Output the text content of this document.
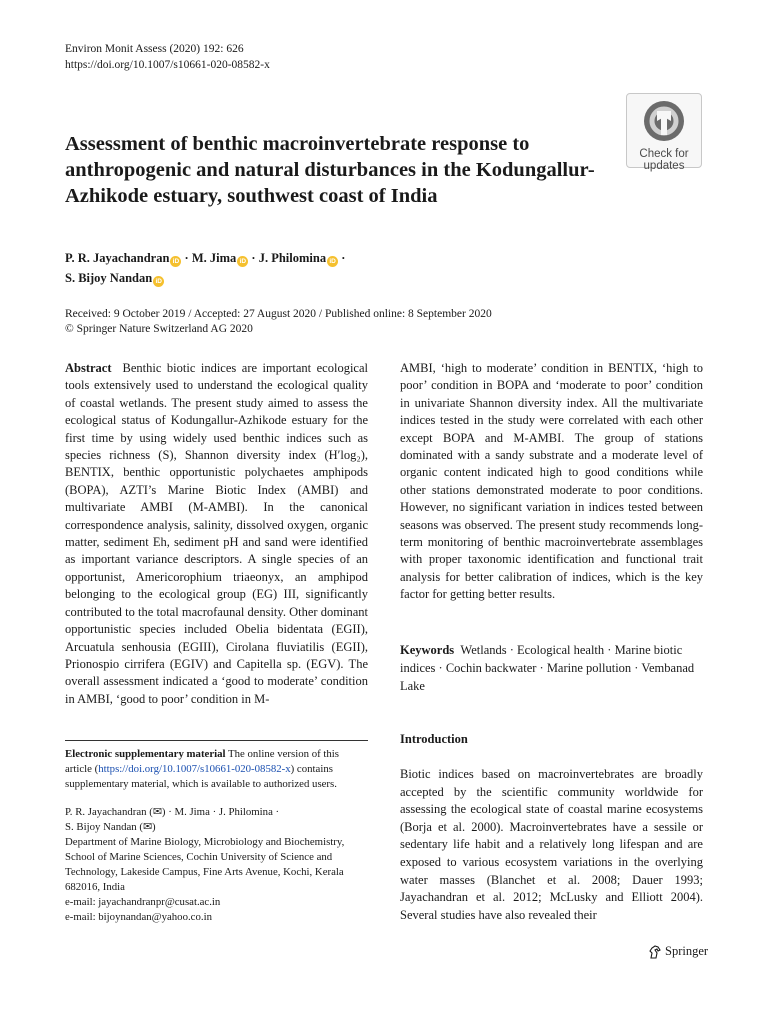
Environ Monit Assess (2020) 192: 626
https://doi.org/10.1007/s10661-020-08582-x
Check for
updates
Assessment of benthic macroinvertebrate response to anthropogenic and natural disturbances in the Kodungallur-Azhikode estuary, southwest coast of India
P. R. Jayachandran iD · M. Jima iD · J. Philomina iD ·
S. Bijoy Nandan iD
Received: 9 October 2019 / Accepted: 27 August 2020 / Published online: 8 September 2020
© Springer Nature Switzerland AG 2020

Abstract Benthic biotic indices are important ecological tools extensively used to understand the ecological quality of coastal wetlands. The present study aimed to assess the ecological status of Kodungallur-Azhikode estuary for the first time by using widely used benthic indices such as species richness (S), Shannon diversity index (H′log₂), BENTIX, benthic opportunistic polychaetes amphipods (BOPA), AZTI’s Marine Biotic Index (AMBI) and multivariate AMBI (M-AMBI). In the canonical correspondence analysis, salinity, dissolved oxygen, organic matter, sediment Eh, sediment pH and sand were identified as important variance descriptors. A single species of an opportunist, Americorophium triaeonyx, an amphipod belonging to the ecological group (EG) III, significantly contributed to the total macrofaunal density. Other dominant opportunistic species included Obelia bidentata (EGII), Arcuatula senhousia (EGIII), Cirolana fluviatilis (EGII), Prionospio cirrifera (EGIV) and Capitella sp. (EGV). The overall assessment indicated a ‘good to moderate’ condition in AMBI, ‘good to poor’ condition in M-

AMBI, ‘high to moderate’ condition in BENTIX, ‘high to poor’ condition in BOPA and ‘moderate to poor’ condition in univariate Shannon diversity index. All the multivariate indices tested in the study were correlated with each other except BOPA and M-AMBI. The group of stations dominated with a sandy substrate and a moderate level of organic content indicated high to good conditions while other stations demonstrated moderate to poor conditions. However, no significant variation in indices tested between seasons was observed. The present study recommends long-term monitoring of benthic macroinvertebrate assemblages with proper taxonomic identification and functional trait analysis for better calibration of indices, which is the key factor for getting better results.

Keywords Wetlands · Ecological health · Marine biotic indices · Cochin backwater · Marine pollution · Vembanad Lake
Introduction
Biotic indices based on macroinvertebrates are broadly accepted by the scientific community worldwide for assessing the ecological state of coastal marine ecosystems (Borja et al. 2000). Macroinvertebrates have a sessile or sedentary life habit and a relatively long lifespan and are exposed to various ecosystem variations in the overlying water masses (Blanchet et al. 2008; Dauer 1993; Jayachandran et al. 2012; McLusky and Elliott 2004). Several studies have also revealed their
Electronic supplementary material The online version of this article (https://doi.org/10.1007/s10661-020-08582-x) contains supplementary material, which is available to authorized users.
P. R. Jayachandran (✉) · M. Jima · J. Philomina ·
S. Bijoy Nandan (✉)
Department of Marine Biology, Microbiology and Biochemistry, School of Marine Sciences, Cochin University of Science and Technology, Lakeside Campus, Fine Arts Avenue, Kochi, Kerala 682016, India
e-mail: jayachandranpr@cusat.ac.in
e-mail: bijoynandan@yahoo.co.in
Springer
